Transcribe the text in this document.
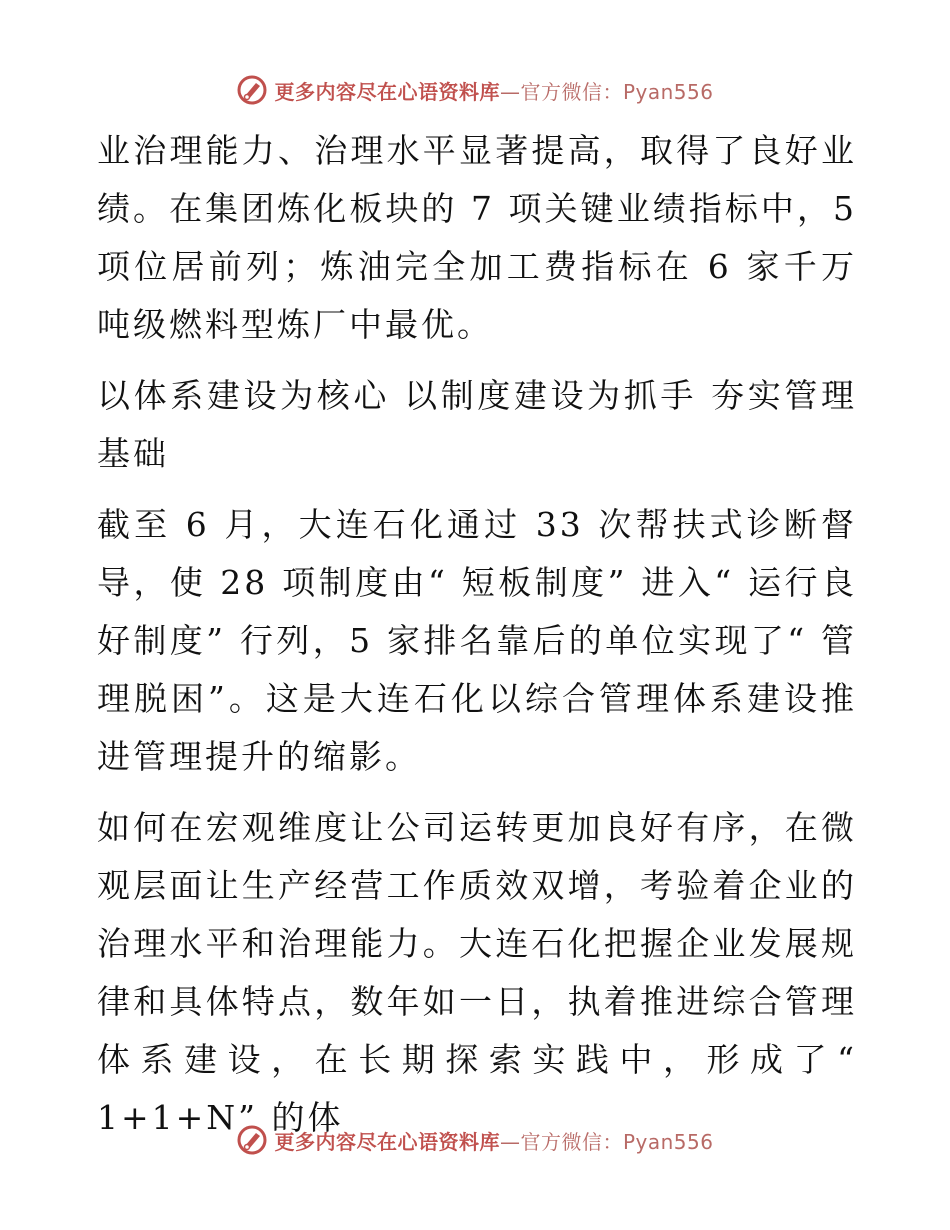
更多内容尽在心语资料库—官方微信：Pyan556

业治理能力、治理水平显著提高，取得了良好业绩。在集团炼化板块的 7 项关键业绩指标中，5 项位居前列；炼油完全加工费指标在 6 家千万吨级燃料型炼厂中最优。

以体系建设为核心 以制度建设为抓手 夯实管理基础

截至 6 月，大连石化通过 33 次帮扶式诊断督导，使 28 项制度由“ 短板制度” 进入“ 运行良好制度” 行列，5 家排名靠后的单位实现了“ 管理脱困”。这是大连石化以综合管理体系建设推进管理提升的缩影。

如何在宏观维度让公司运转更加良好有序，在微观层面让生产经营工作质效双增，考验着企业的治理水平和治理能力。大连石化把握企业发展规律和具体特点，数年如一日，执着推进综合管理体系建设，在长期探索实践中，形成了“ 1+1+N” 的体

更多内容尽在心语资料库—官方微信：Pyan556
